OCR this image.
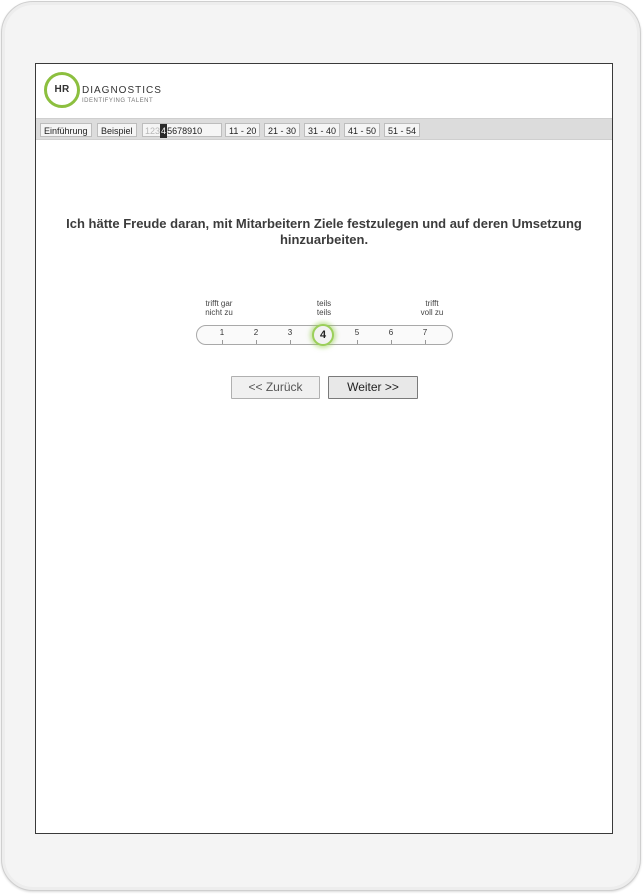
HR	DIAGNOSTICS
IDENTIFYING TALENT
Einführung	Beispiel	12345678910	11 - 20	21 - 30	31 - 40	41 - 50	51 - 54
Ich hätte Freude daran, mit Mitarbeitern Ziele festzulegen und auf deren Umsetzung hinzuarbeiten.
trifft gar
nicht zu
teils
teils
trifft
voll zu
1	2	3	5	6	7
4
<< Zurück	Weiter >>
